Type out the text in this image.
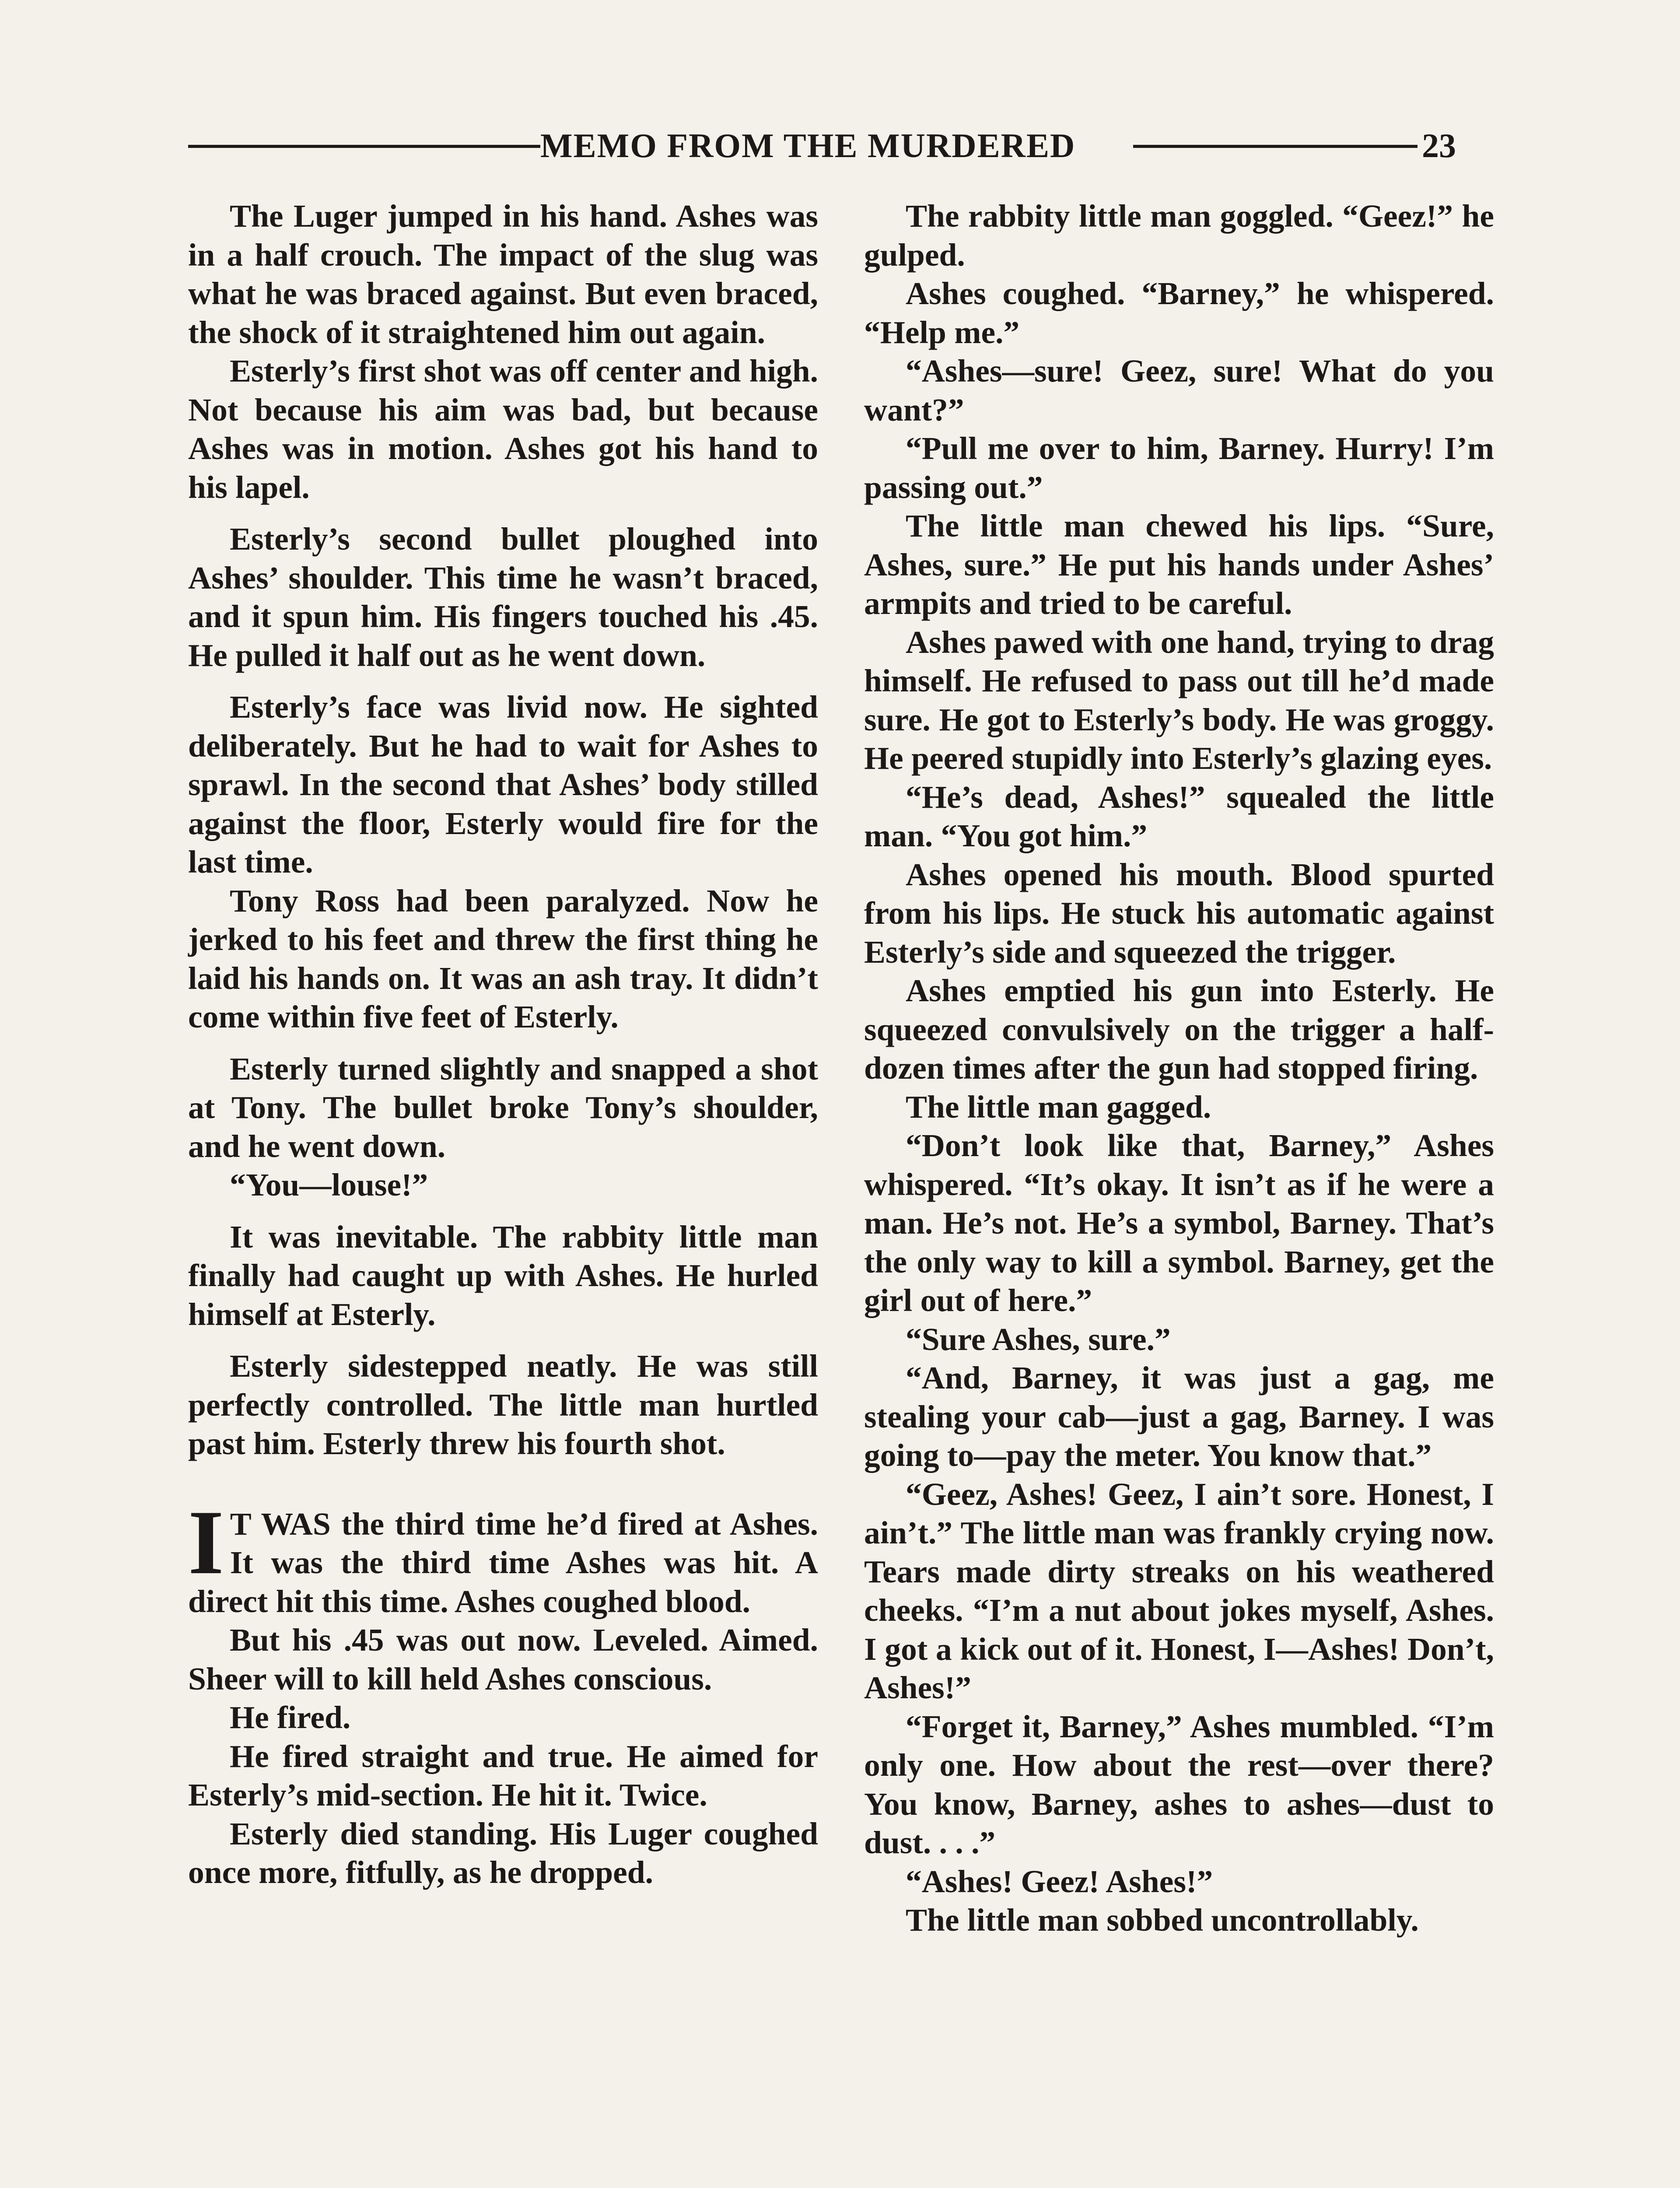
MEMO FROM THE MURDERED	23

The Luger jumped in his hand. Ashes was in a half crouch. The impact of the slug was what he was braced against. But even braced, the shock of it straightened him out again.

Esterly’s first shot was off center and high. Not because his aim was bad, but because Ashes was in motion. Ashes got his hand to his lapel.

Esterly’s second bullet ploughed into Ashes’ shoulder. This time he wasn’t braced, and it spun him. His fingers touched his .45. He pulled it half out as he went down.

Esterly’s face was livid now. He sighted deliberately. But he had to wait for Ashes to sprawl. In the second that Ashes’ body stilled against the floor, Esterly would fire for the last time.

Tony Ross had been paralyzed. Now he jerked to his feet and threw the first thing he laid his hands on. It was an ash tray. It didn’t come within five feet of Esterly.

Esterly turned slightly and snapped a shot at Tony. The bullet broke Tony’s shoulder, and he went down.

“You—louse!”

It was inevitable. The rabbity little man finally had caught up with Ashes. He hurled himself at Esterly.

Esterly sidestepped neatly. He was still perfectly controlled. The little man hurtled past him. Esterly threw his fourth shot.

I T WAS the third time he’d fired at Ashes. It was the third time Ashes was hit. A direct hit this time. Ashes coughed blood.

But his .45 was out now. Leveled. Aimed. Sheer will to kill held Ashes conscious.

He fired.

He fired straight and true. He aimed for Esterly’s mid-section. He hit it. Twice.

Esterly died standing. His Luger coughed once more, fitfully, as he dropped.

The rabbity little man goggled. “Geez!” he gulped.

Ashes coughed. “Barney,” he whispered. “Help me.”

“Ashes—sure! Geez, sure! What do you want?”

“Pull me over to him, Barney. Hurry! I’m passing out.”

The little man chewed his lips. “Sure, Ashes, sure.” He put his hands under Ashes’ armpits and tried to be careful.

Ashes pawed with one hand, trying to drag himself. He refused to pass out till he’d made sure. He got to Esterly’s body. He was groggy. He peered stupidly into Esterly’s glazing eyes.

“He’s dead, Ashes!” squealed the little man. “You got him.”

Ashes opened his mouth. Blood spurted from his lips. He stuck his automatic against Esterly’s side and squeezed the trigger.

Ashes emptied his gun into Esterly. He squeezed convulsively on the trigger a half-dozen times after the gun had stopped firing.

The little man gagged.

“Don’t look like that, Barney,” Ashes whispered. “It’s okay. It isn’t as if he were a man. He’s not. He’s a symbol, Barney. That’s the only way to kill a symbol. Barney, get the girl out of here.”

“Sure Ashes, sure.”

“And, Barney, it was just a gag, me stealing your cab—just a gag, Barney. I was going to—pay the meter. You know that.”

“Geez, Ashes! Geez, I ain’t sore. Honest, I ain’t.” The little man was frankly crying now. Tears made dirty streaks on his weathered cheeks. “I’m a nut about jokes myself, Ashes. I got a kick out of it. Honest, I—Ashes! Don’t, Ashes!”

“Forget it, Barney,” Ashes mumbled. “I’m only one. How about the rest—over there? You know, Barney, ashes to ashes—dust to dust. . . .”

“Ashes! Geez! Ashes!”

The little man sobbed uncontrollably.
